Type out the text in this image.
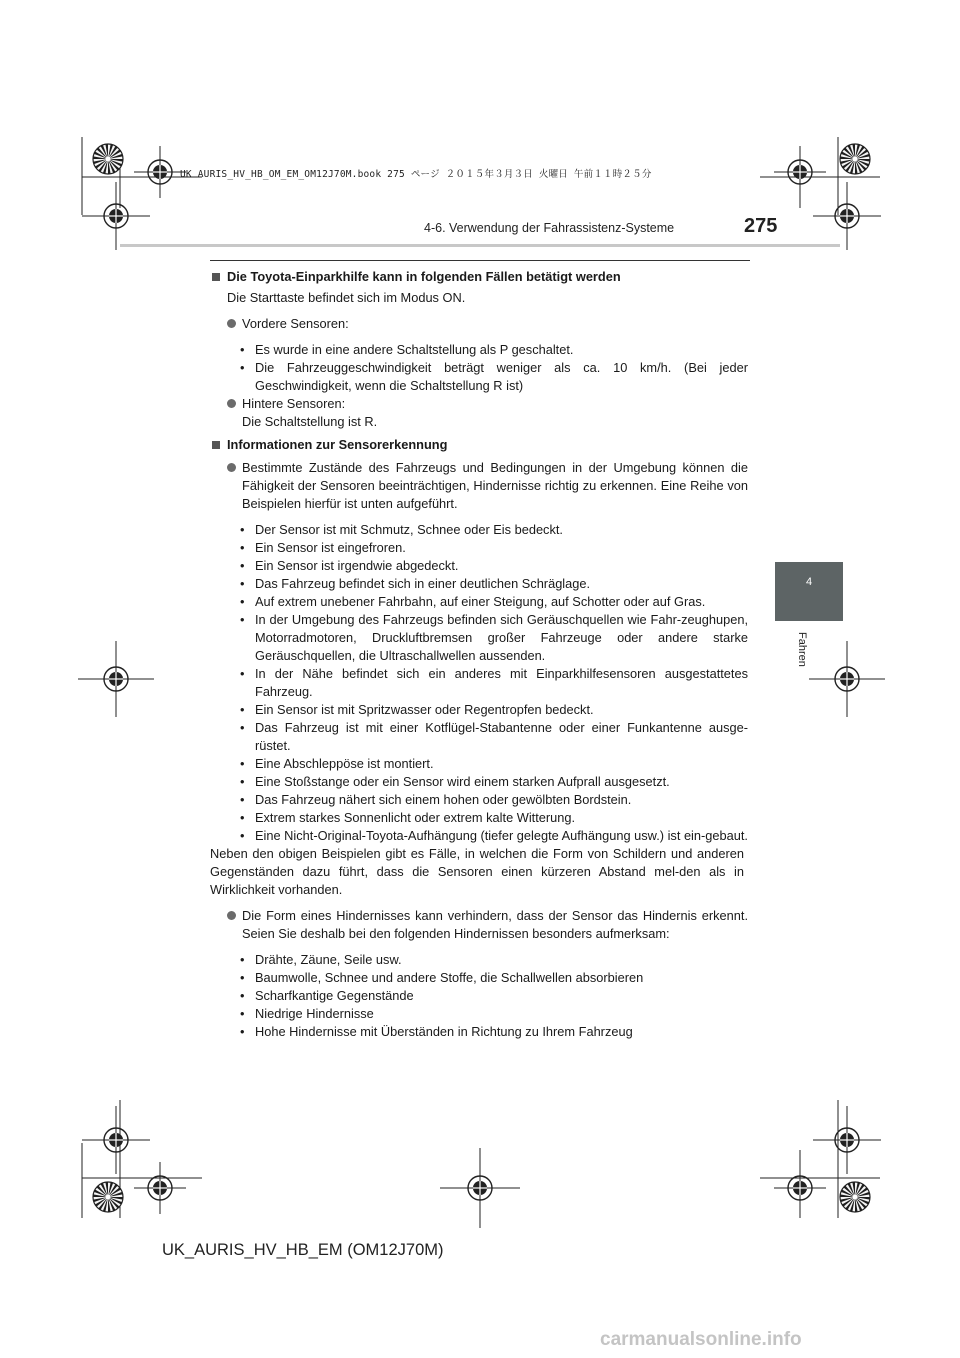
UK AURIS_HV_HB_OM_EM_OM12J70M.book 275 ページ ２０１５年３月３日 火曜日 午前１１時２５分
4-6. Verwendung der Fahrassistenz-Systeme	275
4
Fahren

Die Toyota-Einparkhilfe kann in folgenden Fällen betätigt werden

Die Starttaste befindet sich im Modus ON.

Vordere Sensoren:

• Es wurde in eine andere Schaltstellung als P geschaltet.
• Die Fahrzeuggeschwindigkeit beträgt weniger als ca. 10 km/h. (Bei jeder Geschwindigkeit, wenn die Schaltstellung R ist)

Hintere Sensoren:
Die Schaltstellung ist R.

Informationen zur Sensorerkennung

Bestimmte Zustände des Fahrzeugs und Bedingungen in der Umgebung können die Fähigkeit der Sensoren beeinträchtigen, Hindernisse richtig zu erkennen. Eine Reihe von Beispielen hierfür ist unten aufgeführt.

• Der Sensor ist mit Schmutz, Schnee oder Eis bedeckt.
• Ein Sensor ist eingefroren.
• Ein Sensor ist irgendwie abgedeckt.
• Das Fahrzeug befindet sich in einer deutlichen Schräglage.
• Auf extrem unebener Fahrbahn, auf einer Steigung, auf Schotter oder auf Gras.
• In der Umgebung des Fahrzeugs befinden sich Geräuschquellen wie Fahr-zeughupen, Motorradmotoren, Druckluftbremsen großer Fahrzeuge oder andere starke Geräuschquellen, die Ultraschallwellen aussenden.
• In der Nähe befindet sich ein anderes mit Einparkhilfesensoren ausgestattetes Fahrzeug.
• Ein Sensor ist mit Spritzwasser oder Regentropfen bedeckt.
• Das Fahrzeug ist mit einer Kotflügel-Stabantenne oder einer Funkantenne ausge-rüstet.
• Eine Abschleppöse ist montiert.
• Eine Stoßstange oder ein Sensor wird einem starken Aufprall ausgesetzt.
• Das Fahrzeug nähert sich einem hohen oder gewölbten Bordstein.
• Extrem starkes Sonnenlicht oder extrem kalte Witterung.
• Eine Nicht-Original-Toyota-Aufhängung (tiefer gelegte Aufhängung usw.) ist ein-gebaut.

Neben den obigen Beispielen gibt es Fälle, in welchen die Form von Schildern und anderen Gegenständen dazu führt, dass die Sensoren einen kürzeren Abstand mel-den als in Wirklichkeit vorhanden.

Die Form eines Hindernisses kann verhindern, dass der Sensor das Hindernis erkennt. Seien Sie deshalb bei den folgenden Hindernissen besonders aufmerksam:

• Drähte, Zäune, Seile usw.
• Baumwolle, Schnee und andere Stoffe, die Schallwellen absorbieren
• Scharfkantige Gegenstände
• Niedrige Hindernisse
• Hohe Hindernisse mit Überständen in Richtung zu Ihrem Fahrzeug
UK_AURIS_HV_HB_EM (OM12J70M)
carmanualsonline.info
